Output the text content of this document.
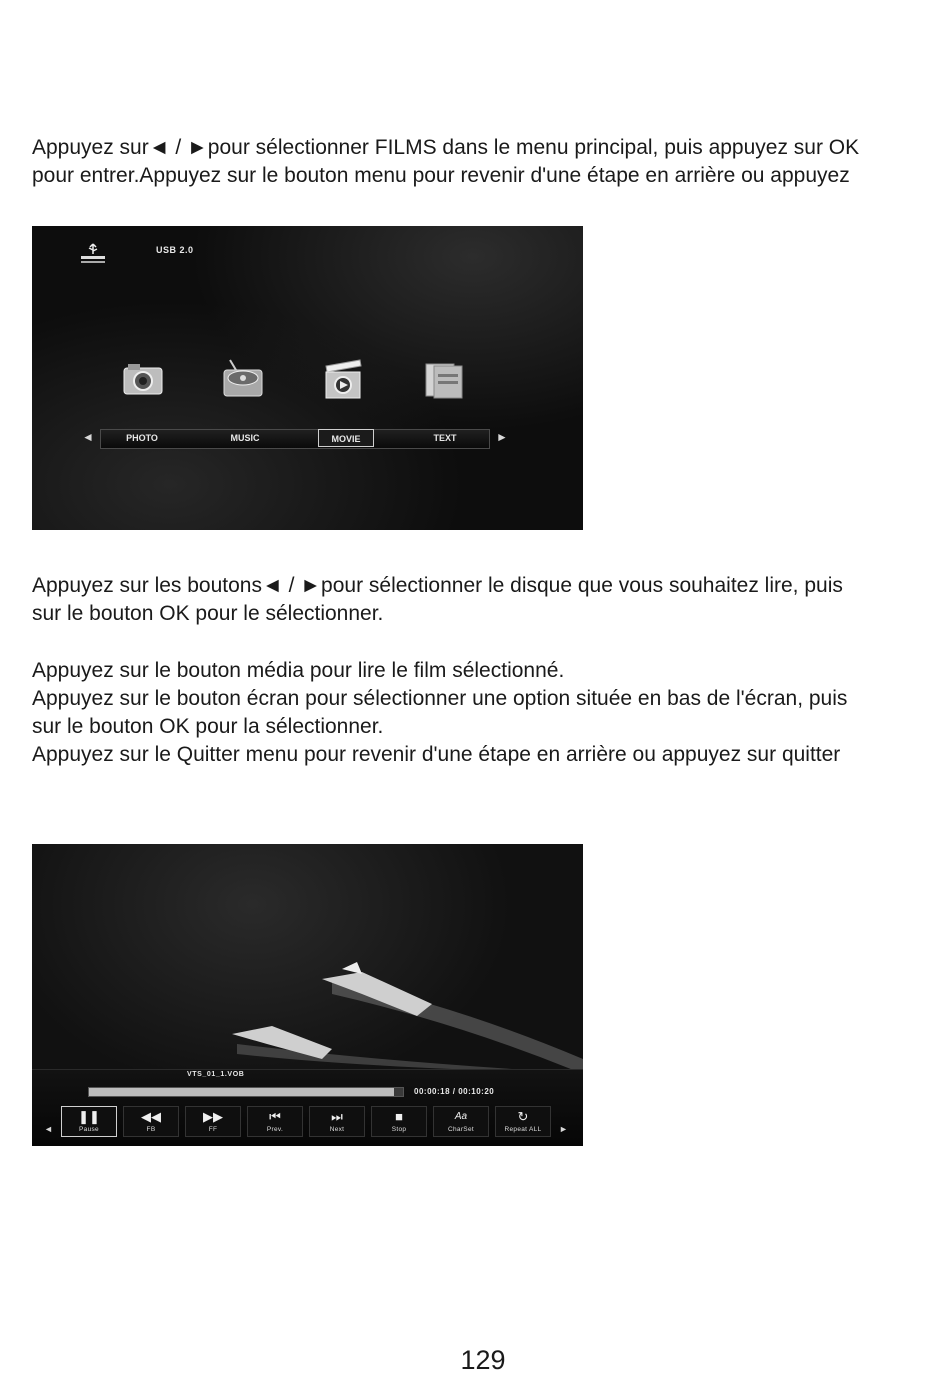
Appuyez sur◄ / ►pour sélectionner FILMS dans le menu principal, puis appuyez sur OK

pour entrer.Appuyez sur le bouton menu pour revenir d'une étape en arrière ou appuyez

USB 2.0
◄	PHOTO	MUSIC	MOVIE	TEXT	►

Appuyez sur les boutons◄ / ►pour sélectionner le disque que vous souhaitez lire, puis

sur le bouton OK pour le sélectionner.

Appuyez sur le bouton média pour lire le film sélectionné.

Appuyez sur le bouton écran pour sélectionner une option située en bas de l'écran, puis

sur le bouton OK pour la sélectionner.

Appuyez sur le Quitter menu pour revenir d'une étape en arrière ou appuyez sur quitter

VTS_01_1.VOB
00:00:18 / 00:10:20
◄
❚❚
Pause
◀◀
FB
▶▶
FF
⏮
Prev.
⏭
Next
■
Stop
Aa
CharSet
↻
Repeat ALL	►
129
